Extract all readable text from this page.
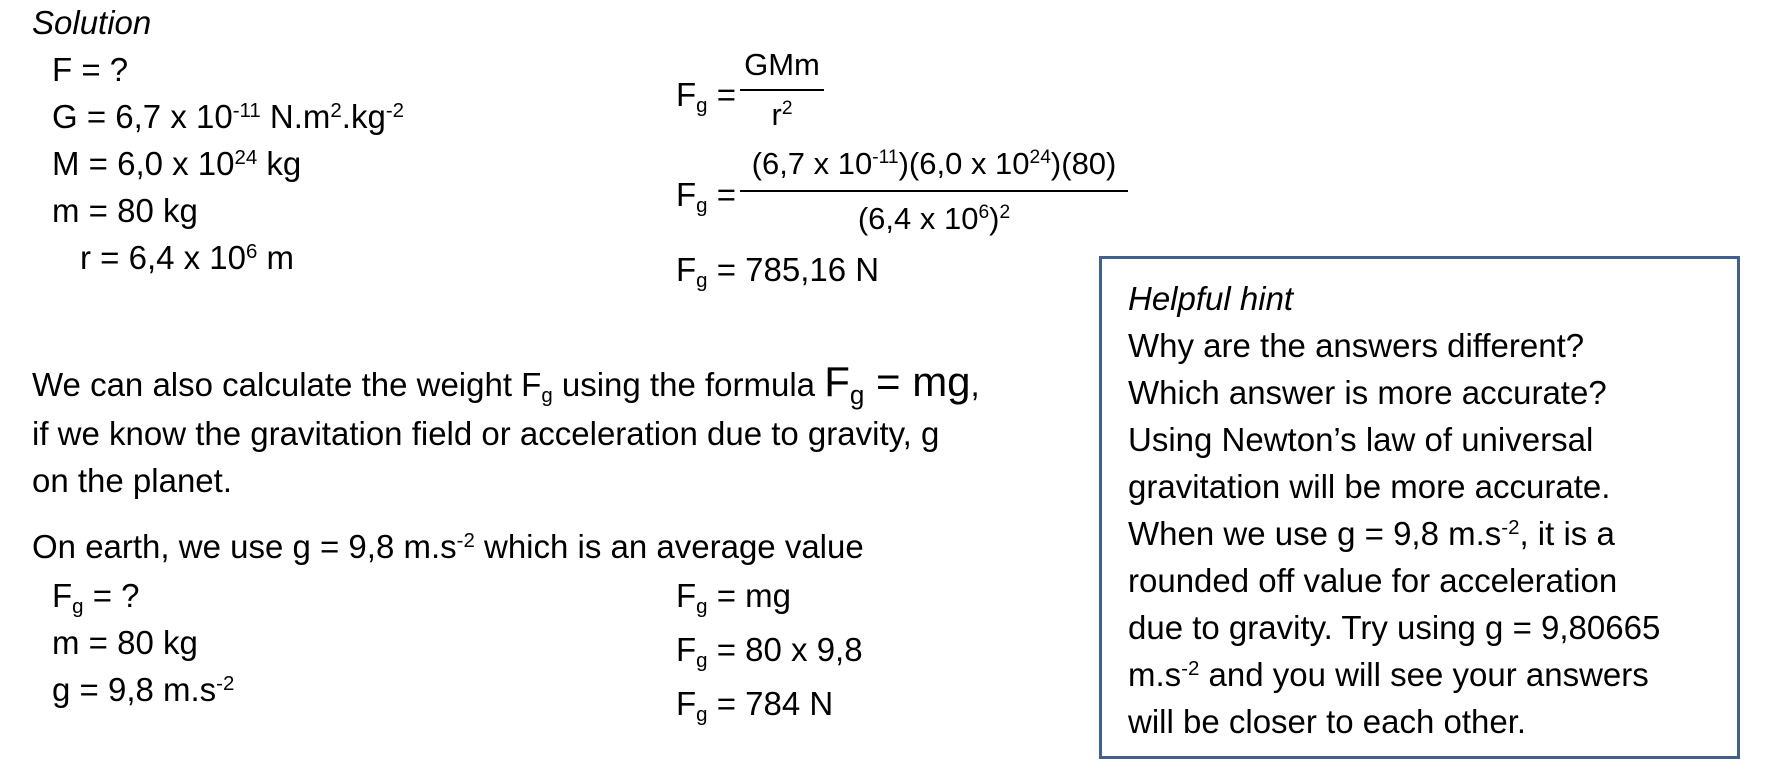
Solution
F = ?
G = 6,7 x $10^{-11}$ $N.m^2.kg^{-2}$
M = 6,0 x $10^{24}$ kg
m = 80 kg
r = 6,4 x $10^6$ m
$F_g$ =
GMm
$r^2$
$F_g$ =
(6,7 x $10^{-11})(6,0$ x $10^{24})(80)$
(6,4 x $10^6)^2$
$F_g = 785,16$ N
We can also calculate the weight $F_g$ using the formula $F_g$ = mg,
if we know the gravitation field or acceleration due to gravity, g
on the planet.
On earth, we use g = 9,8 $m.s^{-2}$ which is an average value
$F_g$ = ?
m = 80 kg
g = 9,8 $m.s^{-2}$
$F_g$ = mg
$F_g = 80$ x 9,8
$F_g = 784$ N
Helpful hint
Why are the answers different?
Which answer is more accurate?
Using Newton’s law of universal
gravitation will be more accurate.
When we use g = 9,8 $m.s^{-2}$, it is a
rounded off value for acceleration
due to gravity. Try using g = 9,80665
$m.s^{-2}$ and you will see your answers
will be closer to each other.
